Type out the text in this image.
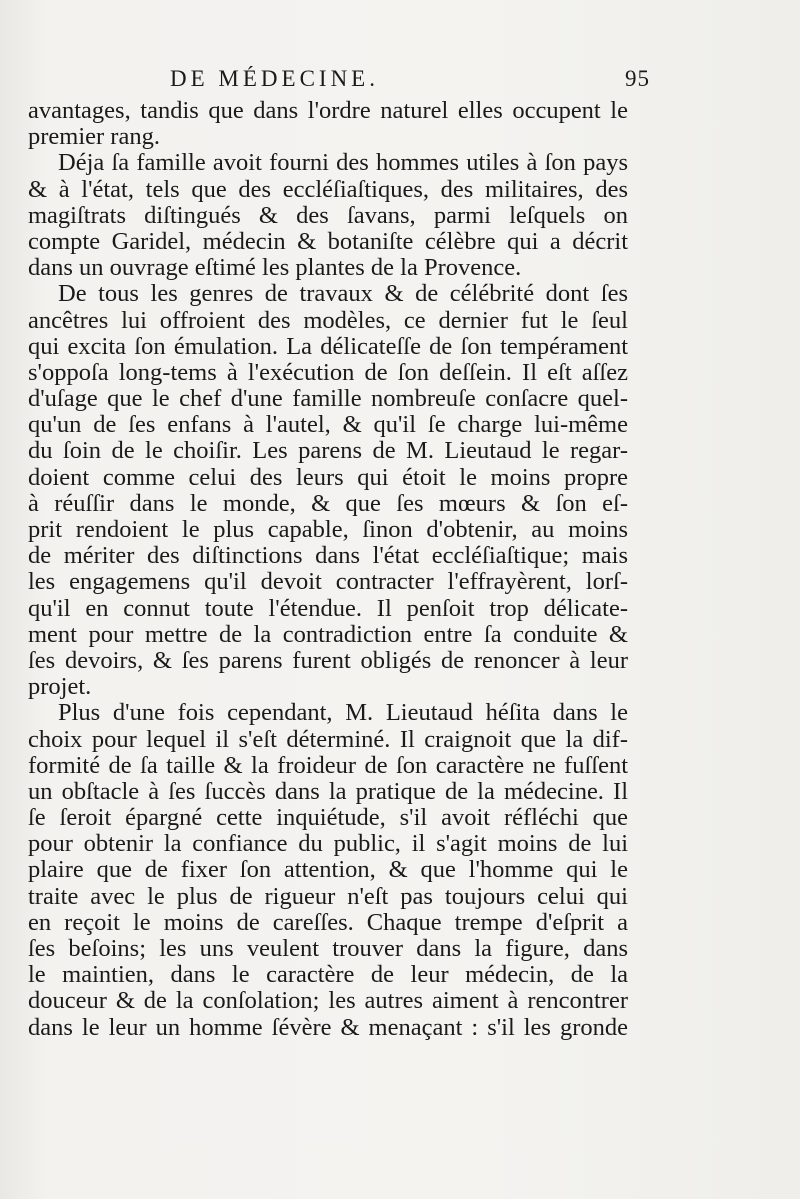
DE MÉDECINE.	95
avantages, tandis que dans l'ordre naturel elles occupent le
premier rang.
Déja ſa famille avoit fourni des hommes utiles à ſon pays
& à l'état, tels que des eccléſiaſtiques, des militaires, des
magiſtrats diſtingués & des ſavans, parmi leſquels on
compte Garidel, médecin & botaniſte célèbre qui a décrit
dans un ouvrage eſtimé les plantes de la Provence.
De tous les genres de travaux & de célébrité dont ſes
ancêtres lui offroient des modèles, ce dernier fut le ſeul
qui excita ſon émulation. La délicateſſe de ſon tempérament
s'oppoſa long-tems à l'exécution de ſon deſſein. Il eſt aſſez
d'uſage que le chef d'une famille nombreuſe conſacre quel-
qu'un de ſes enfans à l'autel, & qu'il ſe charge lui-même
du ſoin de le choiſir. Les parens de M. Lieutaud le regar-
doient comme celui des leurs qui étoit le moins propre
à réuſſir dans le monde, & que ſes mœurs & ſon eſ-
prit rendoient le plus capable, ſinon d'obtenir, au moins
de mériter des diſtinctions dans l'état eccléſiaſtique; mais
les engagemens qu'il devoit contracter l'effrayèrent, lorſ-
qu'il en connut toute l'étendue. Il penſoit trop délicate-
ment pour mettre de la contradiction entre ſa conduite &
ſes devoirs, & ſes parens furent obligés de renoncer à leur
projet.
Plus d'une fois cependant, M. Lieutaud héſita dans le
choix pour lequel il s'eſt déterminé. Il craignoit que la dif-
formité de ſa taille & la froideur de ſon caractère ne fuſſent
un obſtacle à ſes ſuccès dans la pratique de la médecine. Il
ſe ſeroit épargné cette inquiétude, s'il avoit réfléchi que
pour obtenir la confiance du public, il s'agit moins de lui
plaire que de fixer ſon attention, & que l'homme qui le
traite avec le plus de rigueur n'eſt pas toujours celui qui
en reçoit le moins de careſſes. Chaque trempe d'eſprit a
ſes beſoins; les uns veulent trouver dans la figure, dans
le maintien, dans le caractère de leur médecin, de la
douceur & de la conſolation; les autres aiment à rencontrer
dans le leur un homme ſévère & menaçant : s'il les gronde
